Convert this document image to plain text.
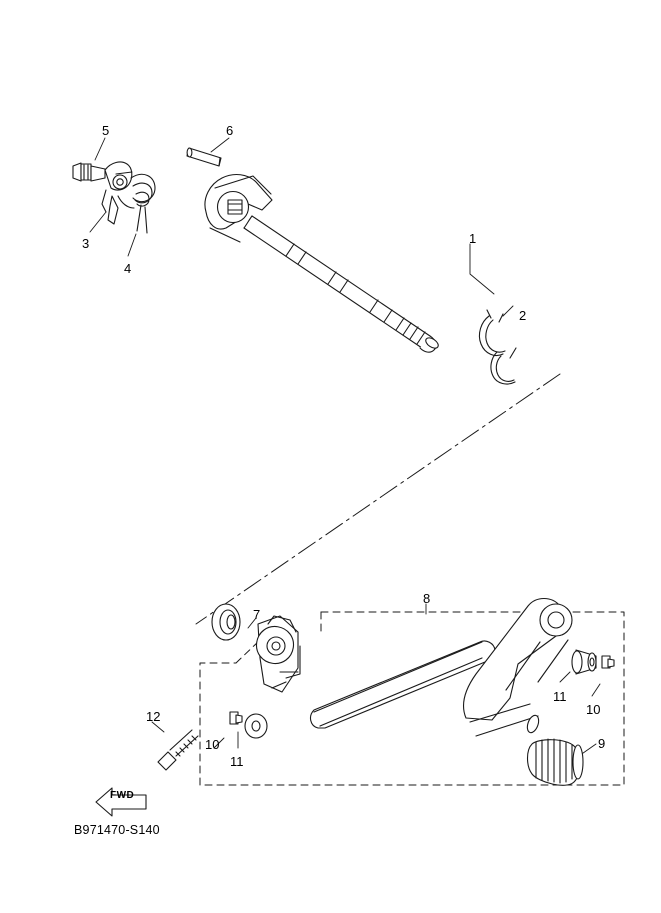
FWD
5	6
3
4
1
2
7
8
11
10
9
12
10
11
B971470-S140
